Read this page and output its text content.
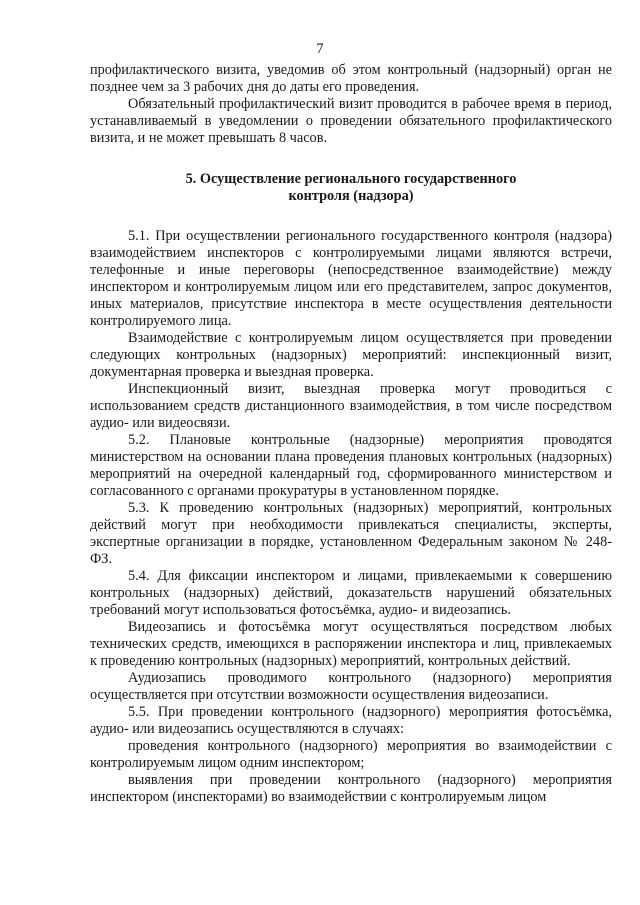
7

профилактического визита, уведомив об этом контрольный (надзорный) орган не позднее чем за 3 рабочих дня до даты его проведения.

Обязательный профилактический визит проводится в рабочее время в период, устанавливаемый в уведомлении о проведении обязательного профилактического визита, и не может превышать 8 часов.

5. Осуществление регионального государственного
контроля (надзора)

5.1. При осуществлении регионального государственного контроля (надзора) взаимодействием инспекторов с контролируемыми лицами являются встречи, телефонные и иные переговоры (непосредственное взаимодействие) между инспектором и контролируемым лицом или его представителем, запрос документов, иных материалов, присутствие инспектора в месте осуществления деятельности контролируемого лица.

Взаимодействие с контролируемым лицом осуществляется при проведении следующих контрольных (надзорных) мероприятий: инспекционный визит, документарная проверка и выездная проверка.

Инспекционный визит, выездная проверка могут проводиться с использованием средств дистанционного взаимодействия, в том числе посредством аудио- или видеосвязи.

5.2. Плановые контрольные (надзорные) мероприятия проводятся министерством на основании плана проведения плановых контрольных (надзорных) мероприятий на очередной календарный год, сформированного министерством и согласованного с органами прокуратуры в установленном порядке.

5.3. К проведению контрольных (надзорных) мероприятий, контрольных действий могут при необходимости привлекаться специалисты, эксперты, экспертные организации в порядке, установленном Федеральным законом № 248-ФЗ.

5.4. Для фиксации инспектором и лицами, привлекаемыми к совершению контрольных (надзорных) действий, доказательств нарушений обязательных требований могут использоваться фотосъёмка, аудио- и видеозапись.

Видеозапись и фотосъёмка могут осуществляться посредством любых технических средств, имеющихся в распоряжении инспектора и лиц, привлекаемых к проведению контрольных (надзорных) мероприятий, контрольных действий.

Аудиозапись проводимого контрольного (надзорного) мероприятия осуществляется при отсутствии возможности осуществления видеозаписи.

5.5. При проведении контрольного (надзорного) мероприятия фотосъёмка, аудио- или видеозапись осуществляются в случаях:

проведения контрольного (надзорного) мероприятия во взаимодействии с контролируемым лицом одним инспектором;

выявления при проведении контрольного (надзорного) мероприятия инспектором (инспекторами) во взаимодействии с контролируемым лицом
